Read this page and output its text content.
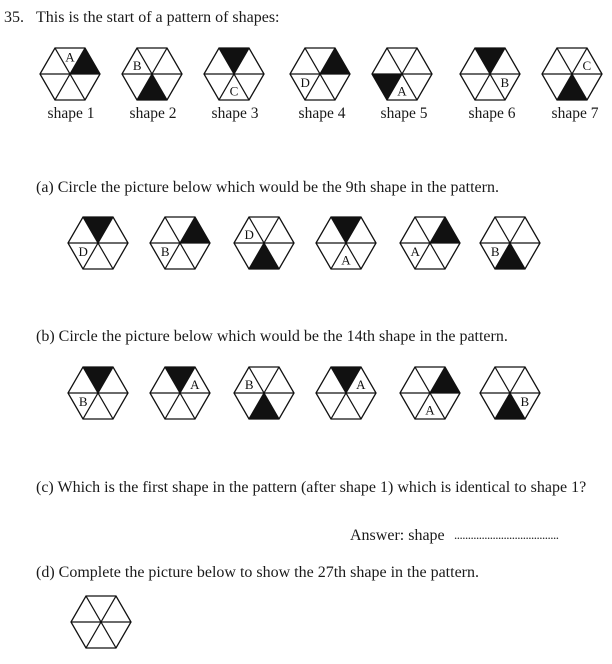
35. This is the start of a pattern of shapes:
shape 1	shape 2	shape 3	shape 4	shape 5	shape 6	shape 7
(a) Circle the picture below which would be the 9th shape in the pattern.
(b) Circle the picture below which would be the 14th shape in the pattern.
(c) Which is the first shape in the pattern (after shape 1) which is identical to shape 1?
Answer: shape ......................................
(d) Complete the picture below to show the 27th shape in the pattern.
A
B
C
D
A
B
C
D	B
D
A
A	B
B
A	B	A
A
B
